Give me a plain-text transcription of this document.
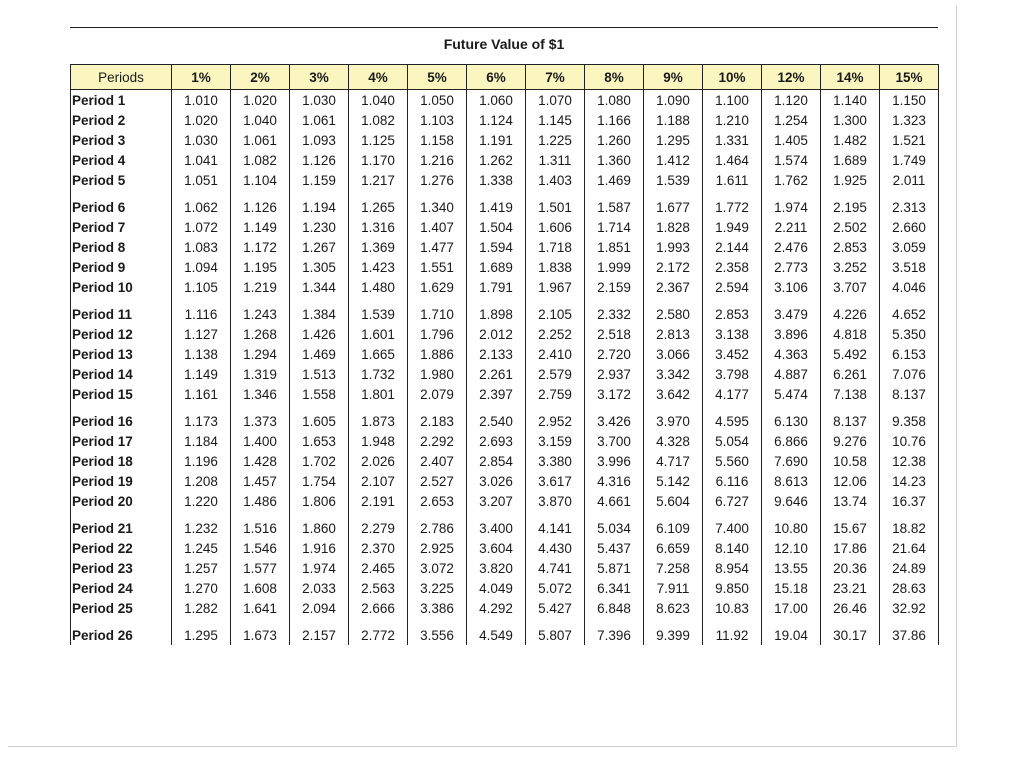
Future Value of $1
Periods	1%	2%	3%	4%	5%	6%	7%	8%	9%	10%	12%	14%	15%
Period 1	1.010	1.020	1.030	1.040	1.050	1.060	1.070	1.080	1.090	1.100	1.120	1.140	1.150
Period 2	1.020	1.040	1.061	1.082	1.103	1.124	1.145	1.166	1.188	1.210	1.254	1.300	1.323
Period 3	1.030	1.061	1.093	1.125	1.158	1.191	1.225	1.260	1.295	1.331	1.405	1.482	1.521
Period 4	1.041	1.082	1.126	1.170	1.216	1.262	1.311	1.360	1.412	1.464	1.574	1.689	1.749
Period 5	1.051	1.104	1.159	1.217	1.276	1.338	1.403	1.469	1.539	1.611	1.762	1.925	2.011

Period 6	1.062	1.126	1.194	1.265	1.340	1.419	1.501	1.587	1.677	1.772	1.974	2.195	2.313
Period 7	1.072	1.149	1.230	1.316	1.407	1.504	1.606	1.714	1.828	1.949	2.211	2.502	2.660
Period 8	1.083	1.172	1.267	1.369	1.477	1.594	1.718	1.851	1.993	2.144	2.476	2.853	3.059
Period 9	1.094	1.195	1.305	1.423	1.551	1.689	1.838	1.999	2.172	2.358	2.773	3.252	3.518
Period 10	1.105	1.219	1.344	1.480	1.629	1.791	1.967	2.159	2.367	2.594	3.106	3.707	4.046

Period 11	1.116	1.243	1.384	1.539	1.710	1.898	2.105	2.332	2.580	2.853	3.479	4.226	4.652
Period 12	1.127	1.268	1.426	1.601	1.796	2.012	2.252	2.518	2.813	3.138	3.896	4.818	5.350
Period 13	1.138	1.294	1.469	1.665	1.886	2.133	2.410	2.720	3.066	3.452	4.363	5.492	6.153
Period 14	1.149	1.319	1.513	1.732	1.980	2.261	2.579	2.937	3.342	3.798	4.887	6.261	7.076
Period 15	1.161	1.346	1.558	1.801	2.079	2.397	2.759	3.172	3.642	4.177	5.474	7.138	8.137

Period 16	1.173	1.373	1.605	1.873	2.183	2.540	2.952	3.426	3.970	4.595	6.130	8.137	9.358
Period 17	1.184	1.400	1.653	1.948	2.292	2.693	3.159	3.700	4.328	5.054	6.866	9.276	10.76
Period 18	1.196	1.428	1.702	2.026	2.407	2.854	3.380	3.996	4.717	5.560	7.690	10.58	12.38
Period 19	1.208	1.457	1.754	2.107	2.527	3.026	3.617	4.316	5.142	6.116	8.613	12.06	14.23
Period 20	1.220	1.486	1.806	2.191	2.653	3.207	3.870	4.661	5.604	6.727	9.646	13.74	16.37

Period 21	1.232	1.516	1.860	2.279	2.786	3.400	4.141	5.034	6.109	7.400	10.80	15.67	18.82
Period 22	1.245	1.546	1.916	2.370	2.925	3.604	4.430	5.437	6.659	8.140	12.10	17.86	21.64
Period 23	1.257	1.577	1.974	2.465	3.072	3.820	4.741	5.871	7.258	8.954	13.55	20.36	24.89
Period 24	1.270	1.608	2.033	2.563	3.225	4.049	5.072	6.341	7.911	9.850	15.18	23.21	28.63
Period 25	1.282	1.641	2.094	2.666	3.386	4.292	5.427	6.848	8.623	10.83	17.00	26.46	32.92

Period 26	1.295	1.673	2.157	2.772	3.556	4.549	5.807	7.396	9.399	11.92	19.04	30.17	37.86
